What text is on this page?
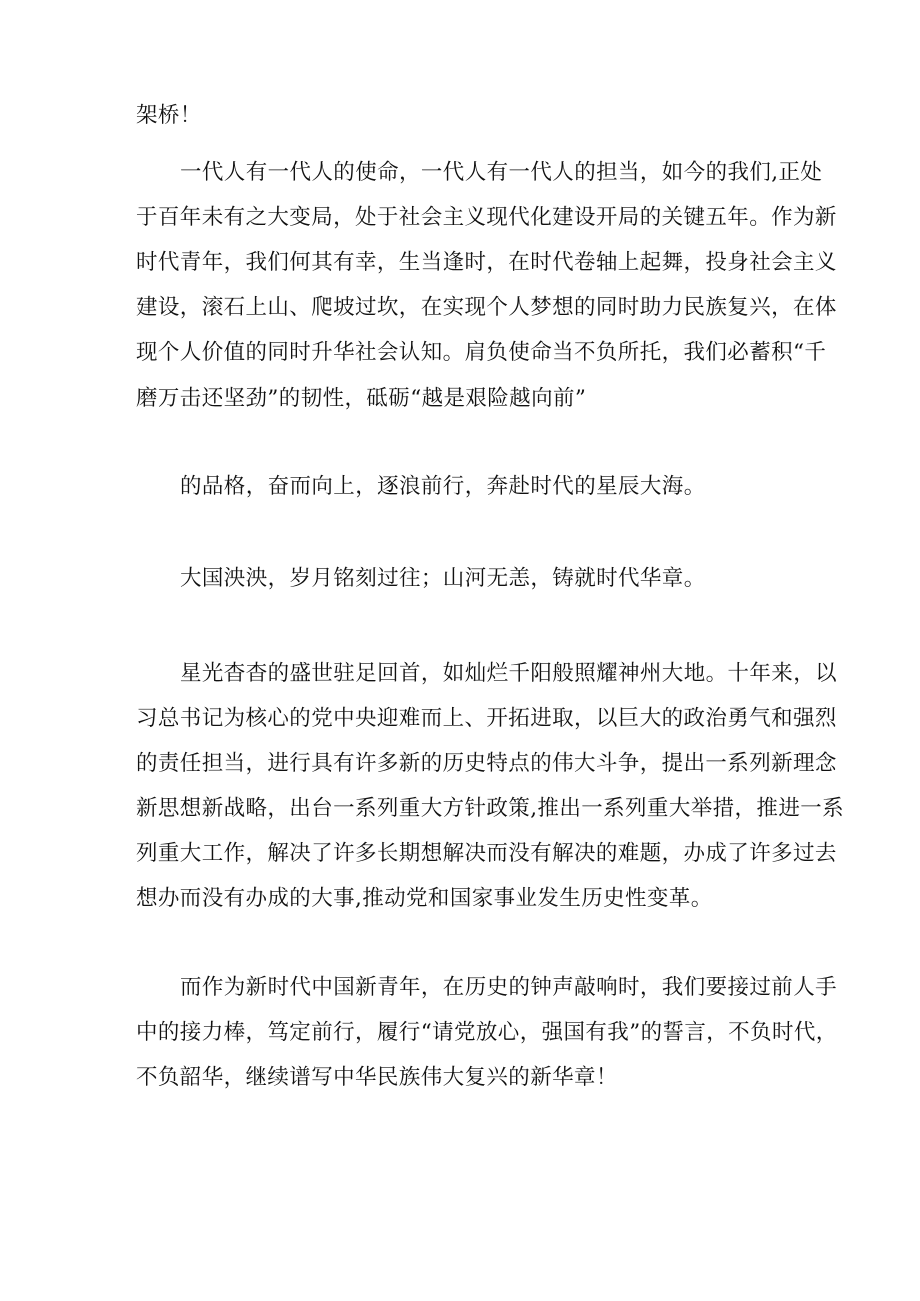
架桥！
一代人有一代人的使命，一代人有一代人的担当，如今的我们,正处
于百年未有之大变局，处于社会主义现代化建设开局的关键五年。作为新
时代青年，我们何其有幸，生当逢时，在时代卷轴上起舞，投身社会主义
建设，滚石上山、爬坡过坎，在实现个人梦想的同时助力民族复兴，在体
现个人价值的同时升华社会认知。肩负使命当不负所托，我们必蓄积“千
磨万击还坚劲”的韧性，砥砺“越是艰险越向前”
的品格，奋而向上，逐浪前行，奔赴时代的星辰大海。
大国泱泱，岁月铭刻过往；山河无恙，铸就时代华章。
星光杳杳的盛世驻足回首，如灿烂千阳般照耀神州大地。十年来，以
习总书记为核心的党中央迎难而上、开拓进取，以巨大的政治勇气和强烈
的责任担当，进行具有许多新的历史特点的伟大斗争，提出一系列新理念
新思想新战略，出台一系列重大方针政策,推出一系列重大举措，推进一系
列重大工作，解决了许多长期想解决而没有解决的难题，办成了许多过去
想办而没有办成的大事,推动党和国家事业发生历史性变革。
而作为新时代中国新青年，在历史的钟声敲响时，我们要接过前人手
中的接力棒，笃定前行，履行“请党放心，强国有我”的誓言，不负时代，
不负韶华，继续谱写中华民族伟大复兴的新华章！
